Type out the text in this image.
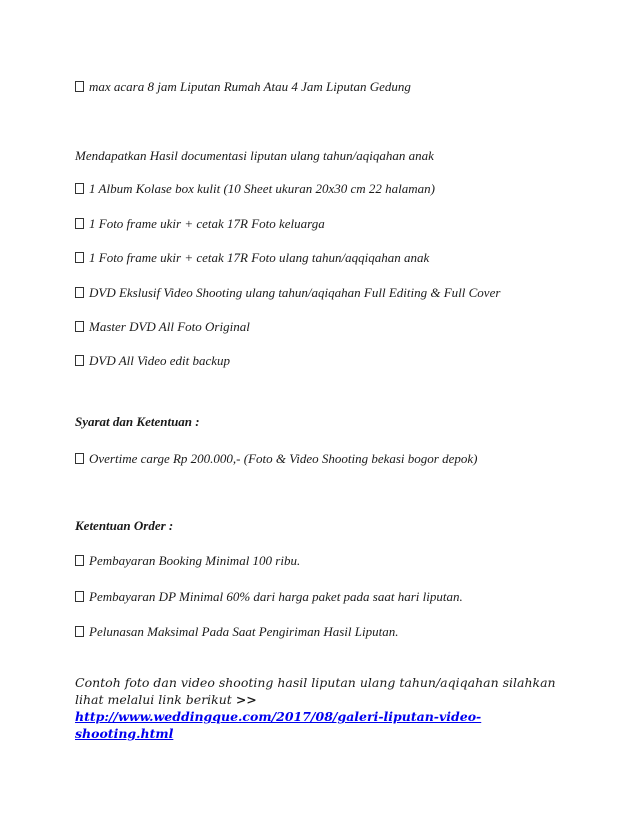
max acara 8 jam Liputan Rumah Atau 4 Jam Liputan Gedung
Mendapatkan Hasil documentasi liputan ulang tahun/aqiqahan anak
1 Album Kolase box kulit (10 Sheet ukuran 20x30 cm 22 halaman)
1 Foto frame ukir + cetak 17R Foto keluarga
1 Foto frame ukir + cetak 17R Foto ulang tahun/aqqiqahan anak
DVD Ekslusif Video Shooting ulang tahun/aqiqahan Full Editing & Full Cover
Master DVD All Foto Original
DVD All Video edit backup
Syarat dan Ketentuan :
Overtime carge Rp 200.000,- (Foto & Video Shooting bekasi bogor depok)
Ketentuan Order :
Pembayaran Booking Minimal 100 ribu.
Pembayaran DP Minimal 60% dari harga paket pada saat hari liputan.
Pelunasan Maksimal Pada Saat Pengiriman Hasil Liputan.
Contoh foto dan video shooting hasil liputan ulang tahun/aqiqahan silahkan lihat melalui link berikut >> http://www.weddingque.com/2017/08/galeri-liputan-video-shooting.html
